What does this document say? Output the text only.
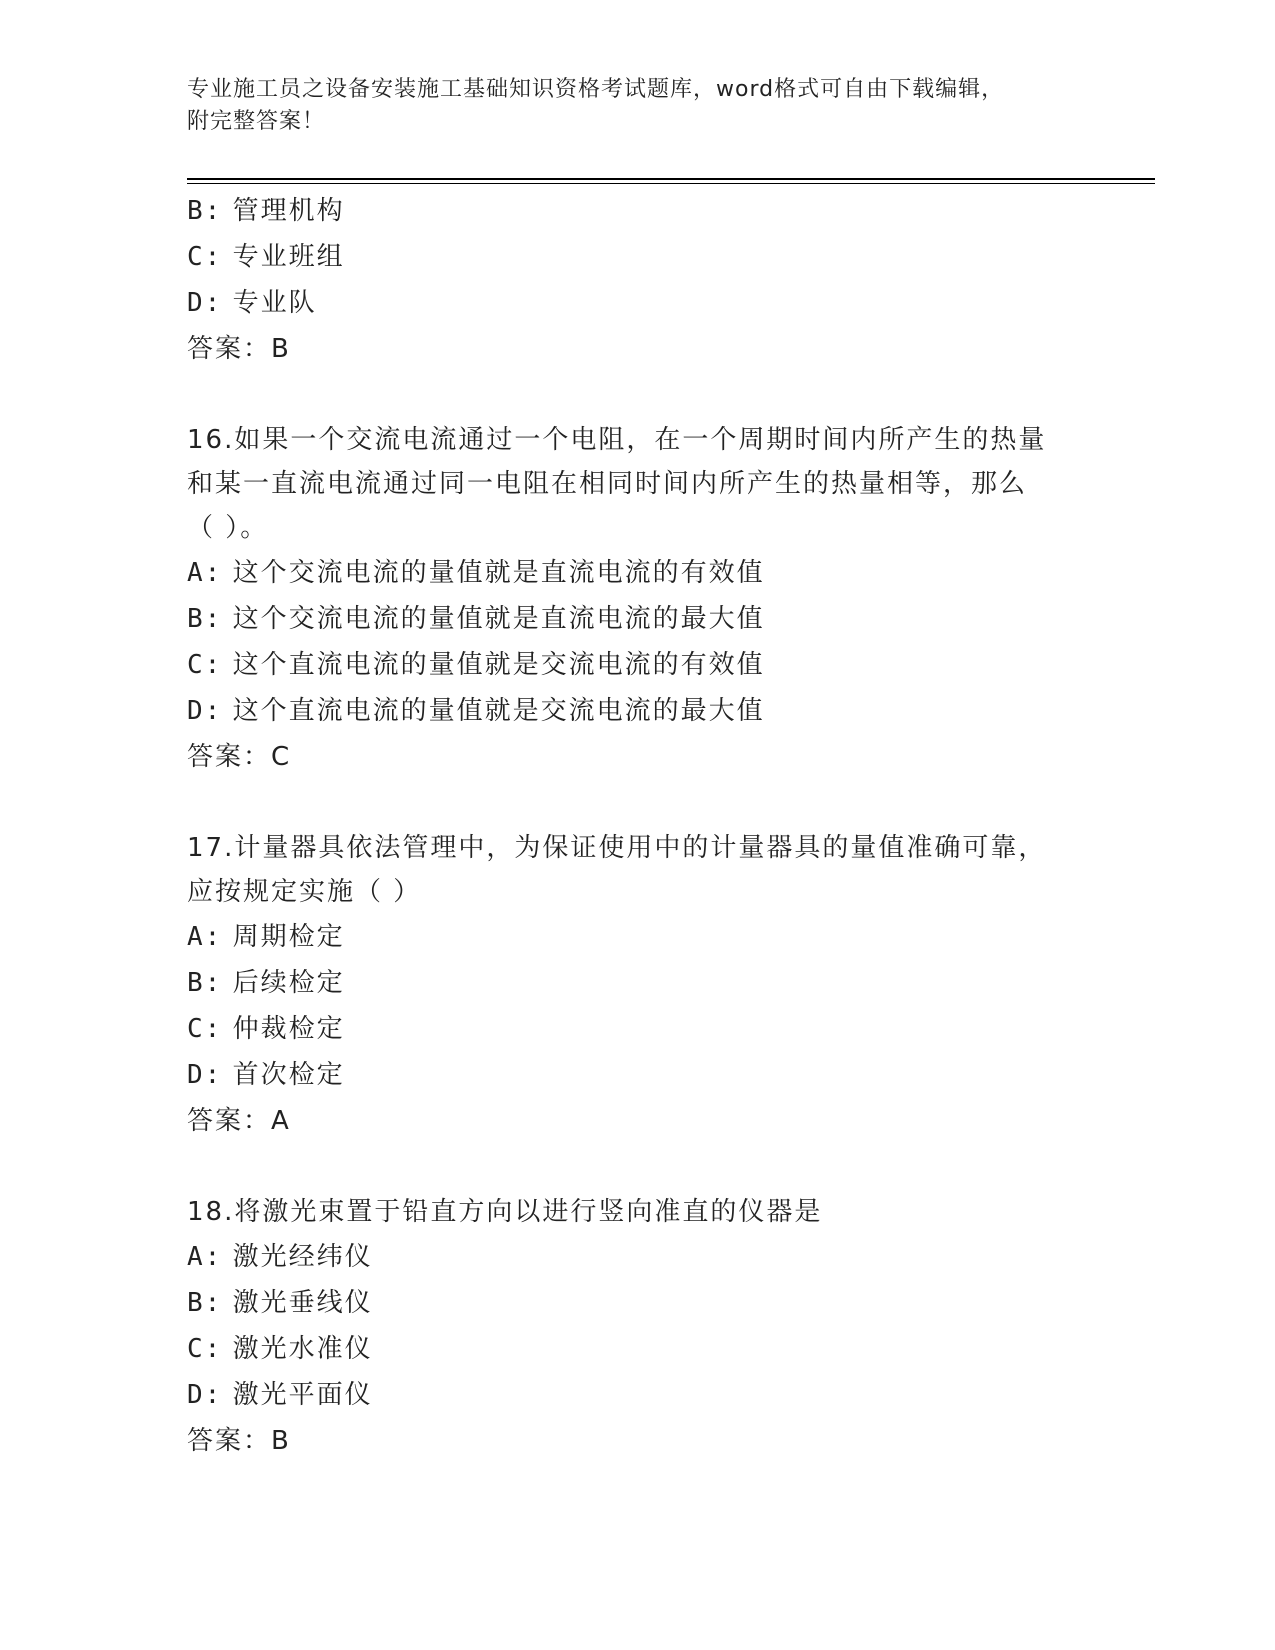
专业施工员之设备安装施工基础知识资格考试题库，word格式可自由下载编辑，
附完整答案！
B: 管理机构
C: 专业班组
D: 专业队
答案：B
16.如果一个交流电流通过一个电阻，在一个周期时间内所产生的热量
和某一直流电流通过同一电阻在相同时间内所产生的热量相等，那么
（ ）。
A: 这个交流电流的量值就是直流电流的有效值
B: 这个交流电流的量值就是直流电流的最大值
C: 这个直流电流的量值就是交流电流的有效值
D: 这个直流电流的量值就是交流电流的最大值
答案：C
17.计量器具依法管理中，为保证使用中的计量器具的量值准确可靠，
应按规定实施（ ）
A: 周期检定
B: 后续检定
C: 仲裁检定
D: 首次检定
答案：A
18.将激光束置于铅直方向以进行竖向准直的仪器是
A: 激光经纬仪
B: 激光垂线仪
C: 激光水准仪
D: 激光平面仪
答案：B
